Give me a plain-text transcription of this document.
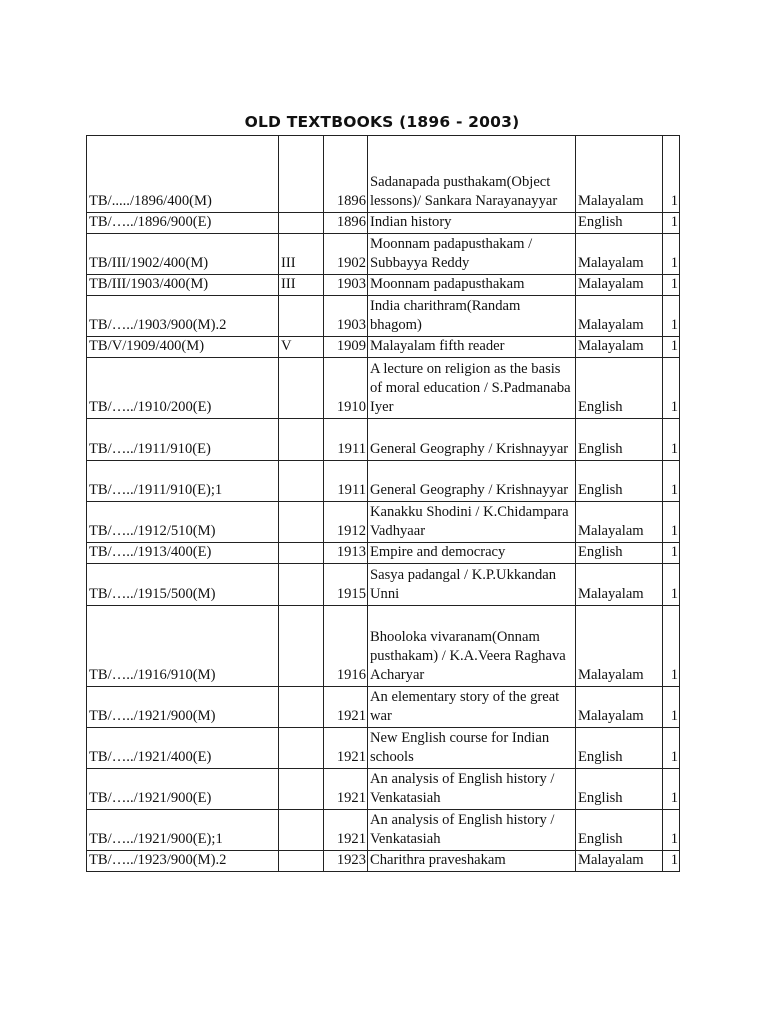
OLD TEXTBOOKS (1896 - 2003)
TB/...../1896/400(M)		1896	Sadanapada pusthakam(Object lessons)/ Sankara Narayanayyar	Malayalam	1
TB/…../1896/900(E)		1896	Indian history	English	1
TB/III/1902/400(M)	III	1902	Moonnam padapusthakam / Subbayya Reddy	Malayalam	1
TB/III/1903/400(M)	III	1903	Moonnam padapusthakam	Malayalam	1
TB/…../1903/900(M).2		1903	India charithram(Randam bhagom)	Malayalam	1
TB/V/1909/400(M)	V	1909	Malayalam fifth reader	Malayalam	1
TB/…../1910/200(E)		1910	A lecture on religion as the basis of moral education / S.Padmanaba Iyer	English	1
TB/…../1911/910(E)		1911	General Geography / Krishnayyar	English	1
TB/…../1911/910(E);1		1911	General Geography / Krishnayyar	English	1
TB/…../1912/510(M)		1912	Kanakku Shodini / K.Chidampara Vadhyaar	Malayalam	1
TB/…../1913/400(E)		1913	Empire and democracy	English	1
TB/…../1915/500(M)		1915	Sasya padangal / K.P.Ukkandan Unni	Malayalam	1
TB/…../1916/910(M)		1916	Bhooloka vivaranam(Onnam pusthakam) / K.A.Veera Raghava Acharyar	Malayalam	1
TB/…../1921/900(M)		1921	An elementary story of the great war	Malayalam	1
TB/…../1921/400(E)		1921	New English course for Indian schools	English	1
TB/…../1921/900(E)		1921	An analysis of English history / Venkatasiah	English	1
TB/…../1921/900(E);1		1921	An analysis of English history / Venkatasiah	English	1
TB/…../1923/900(M).2		1923	Charithra praveshakam	Malayalam	1
